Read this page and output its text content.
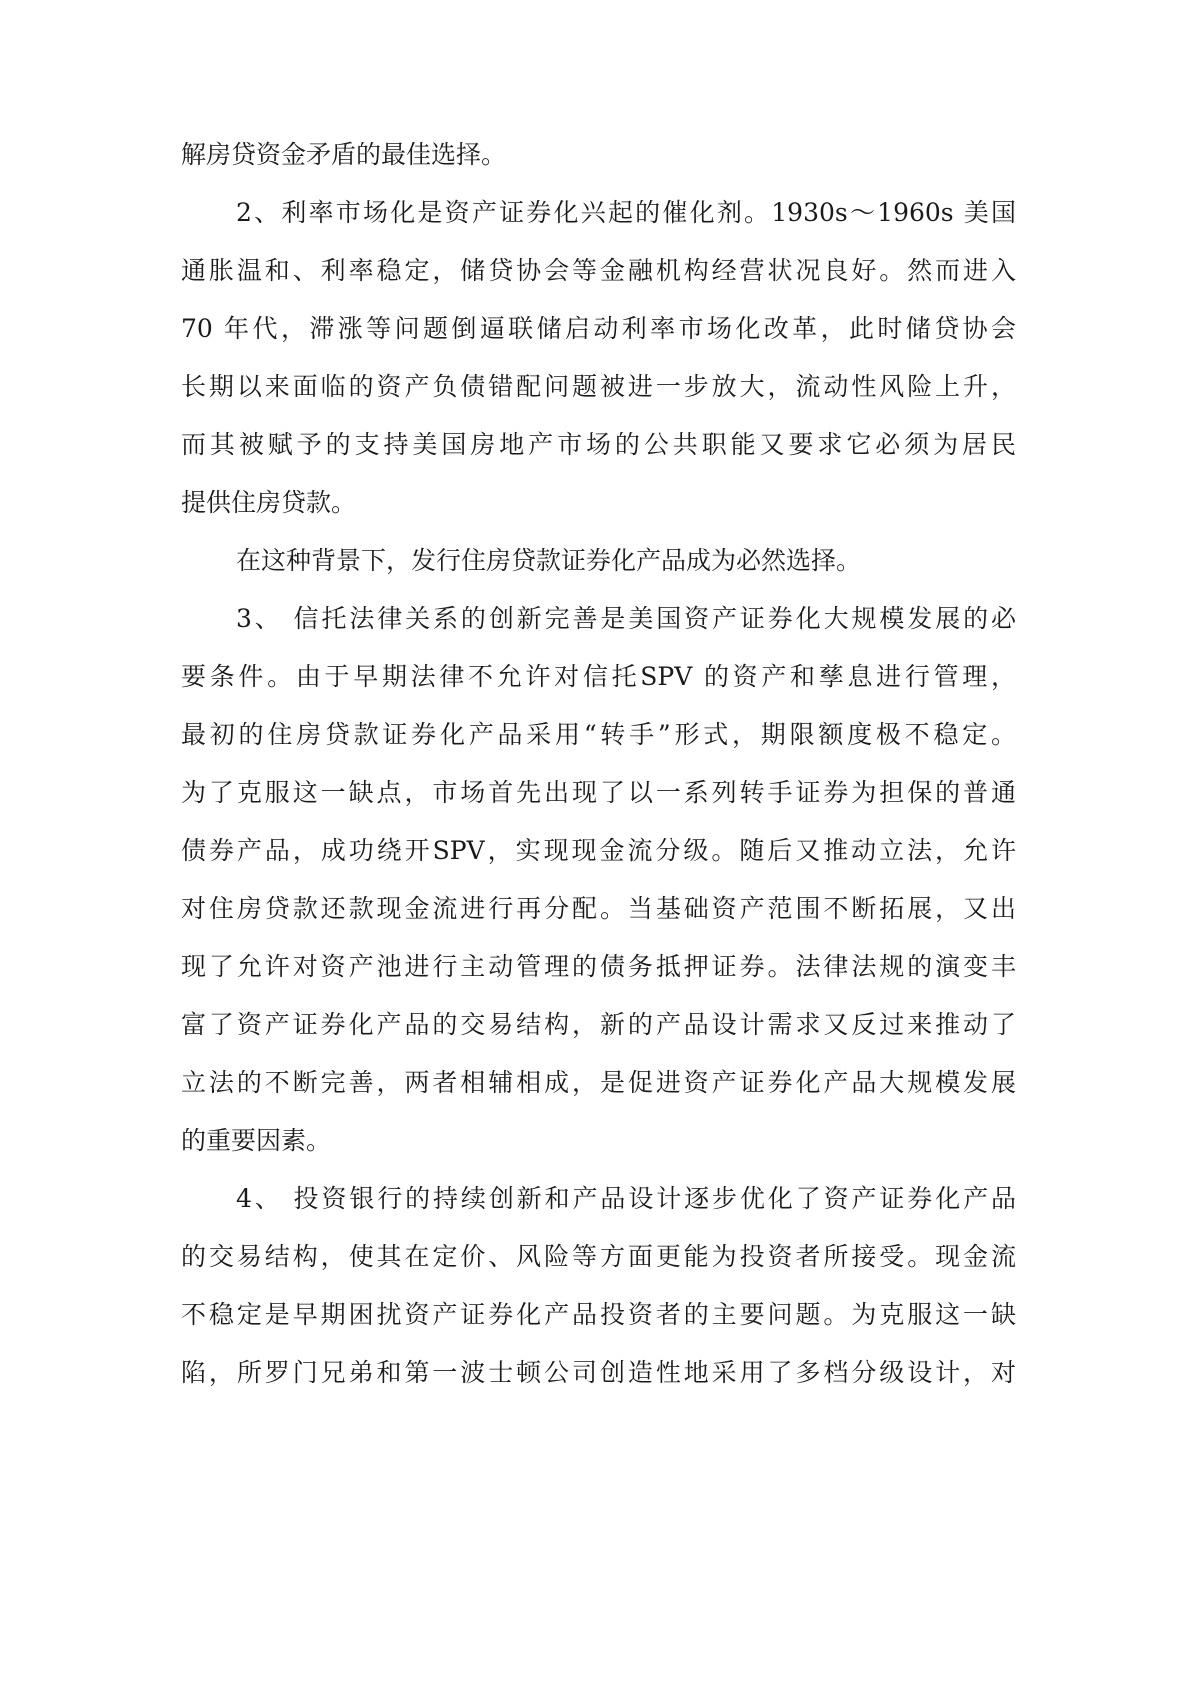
解房贷资金矛盾的最佳选择。
2、利率市场化是资产证券化兴起的催化剂。1930s～1960s 美国
通胀温和、利率稳定，储贷协会等金融机构经营状况良好。然而进入
70 年代，滞涨等问题倒逼联储启动利率市场化改革，此时储贷协会
长期以来面临的资产负债错配问题被进一步放大，流动性风险上升，
而其被赋予的支持美国房地产市场的公共职能又要求它必须为居民
提供住房贷款。
在这种背景下，发行住房贷款证券化产品成为必然选择。
3、 信托法律关系的创新完善是美国资产证券化大规模发展的必
要条件。由于早期法律不允许对信托SPV 的资产和孳息进行管理，
最初的住房贷款证券化产品采用“转手”形式，期限额度极不稳定。
为了克服这一缺点，市场首先出现了以一系列转手证券为担保的普通
债券产品，成功绕开SPV，实现现金流分级。随后又推动立法，允许
对住房贷款还款现金流进行再分配。当基础资产范围不断拓展，又出
现了允许对资产池进行主动管理的债务抵押证券。法律法规的演变丰
富了资产证券化产品的交易结构，新的产品设计需求又反过来推动了
立法的不断完善，两者相辅相成，是促进资产证券化产品大规模发展
的重要因素。
4、 投资银行的持续创新和产品设计逐步优化了资产证券化产品
的交易结构，使其在定价、风险等方面更能为投资者所接受。现金流
不稳定是早期困扰资产证券化产品投资者的主要问题。为克服这一缺
陷，所罗门兄弟和第一波士顿公司创造性地采用了多档分级设计，对
